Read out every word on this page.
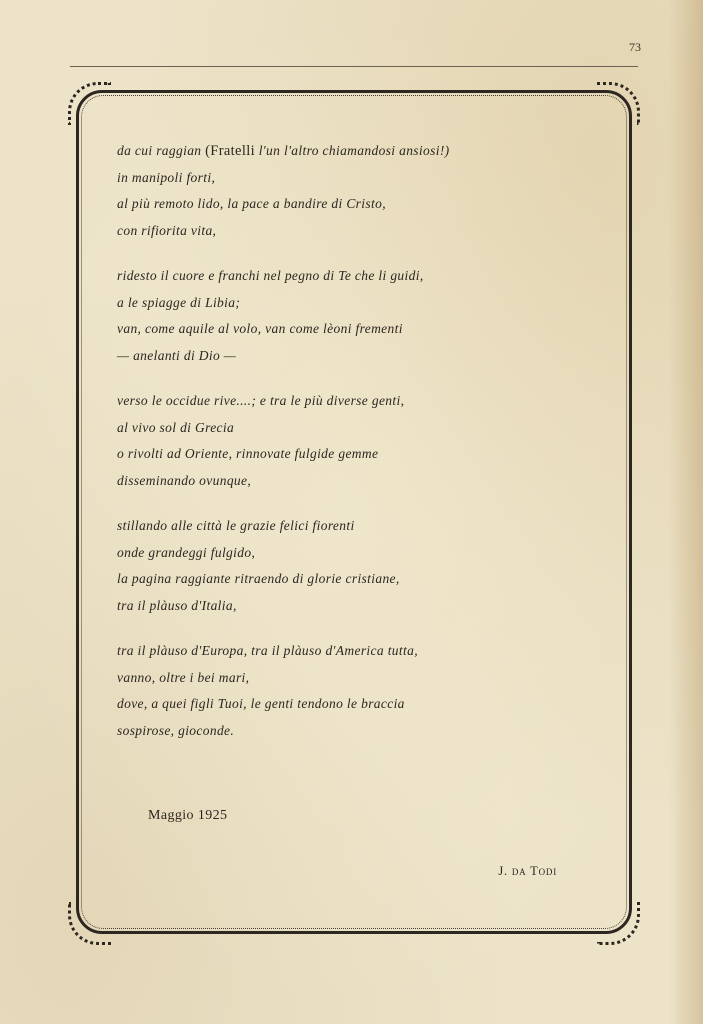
73
da cui raggian (Fratelli l'un l'altro chiamandosi ansiosi!)
in manipoli forti,
al più remoto lido, la pace a bandire di Cristo,
con rifiorita vita,
ridesto il cuore e franchi nel pegno di Te che li guidi,
a le spiagge di Libia;
van, come aquile al volo, van come lèoni frementi
— anelanti di Dio —
verso le occidue rive....; e tra le più diverse genti,
al vivo sol di Grecia
o rivolti ad Oriente, rinnovate fulgide gemme
disseminando ovunque,
stillando alle città le grazie felici fiorenti
onde grandeggi fulgido,
la pagina raggiante ritraendo di glorie cristiane,
tra il plàuso d'Italia,
tra il plàuso d'Europa, tra il plàuso d'America tutta,
vanno, oltre i bei mari,
dove, a quei figli Tuoi, le genti tendono le braccia
sospirose, gioconde.
Maggio 1925
J. da Todi
